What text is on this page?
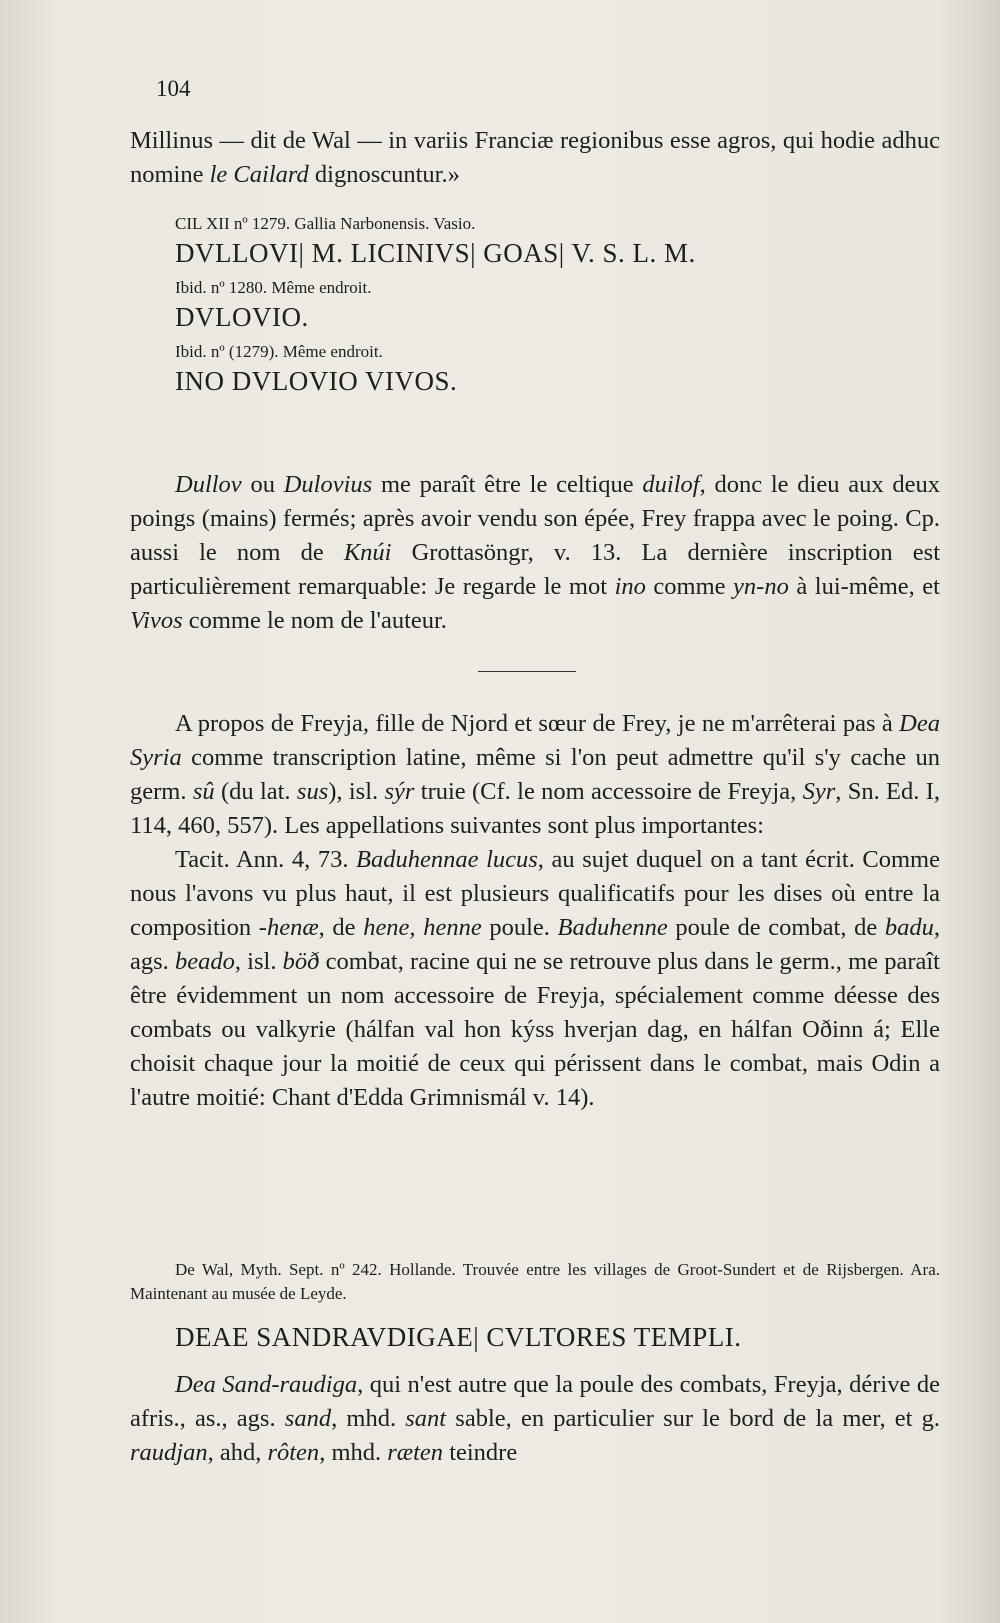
104

Millinus — dit de Wal — in variis Franciæ regionibus esse agros, qui hodie adhuc nomine le Cailard dignoscuntur.»

CIL XII nº 1279. Gallia Narbonensis. Vasio.

DVLLOVI| M. LICINIVS| GOAS| V. S. L. M.

Ibid. nº 1280. Même endroit.

DVLOVIO.

Ibid. nº (1279). Même endroit.

INO DVLOVIO VIVOS.

Dullov ou Dulovius me paraît être le celtique duilof, donc le dieu aux deux poings (mains) fermés; après avoir vendu son épée, Frey frappa avec le poing. Cp. aussi le nom de Knúi Grottasöngr, v. 13. La dernière inscription est particulièrement remarquable: Je regarde le mot ino comme yn-no à lui-même, et Vivos comme le nom de l'auteur.

A propos de Freyja, fille de Njord et sœur de Frey, je ne m'arrêterai pas à Dea Syria comme transcription latine, même si l'on peut admettre qu'il s'y cache un germ. sû (du lat. sus), isl. sýr truie (Cf. le nom accessoire de Freyja, Syr, Sn. Ed. I, 114, 460, 557). Les appellations suivantes sont plus importantes:

Tacit. Ann. 4, 73. Baduhennae lucus, au sujet duquel on a tant écrit. Comme nous l'avons vu plus haut, il est plusieurs qualificatifs pour les dises où entre la composition -henæ, de hene, henne poule. Baduhenne poule de combat, de badu, ags. beado, isl. böð combat, racine qui ne se retrouve plus dans le germ., me paraît être évidemment un nom accessoire de Freyja, spécialement comme déesse des combats ou valkyrie (hálfan val hon kýss hverjan dag, en hálfan Oðinn á; Elle choisit chaque jour la moitié de ceux qui périssent dans le combat, mais Odin a l'autre moitié: Chant d'Edda Grimnismál v. 14).

De Wal, Myth. Sept. nº 242. Hollande. Trouvée entre les villages de Groot-Sundert et de Rijsbergen. Ara. Maintenant au musée de Leyde.

DEAE SANDRAVDIGAE| CVLTORES TEMPLI.

Dea Sand-raudiga, qui n'est autre que la poule des combats, Freyja, dérive de afris., as., ags. sand, mhd. sant sable, en particulier sur le bord de la mer, et g. raudjan, ahd, rôten, mhd. ræten teindre
